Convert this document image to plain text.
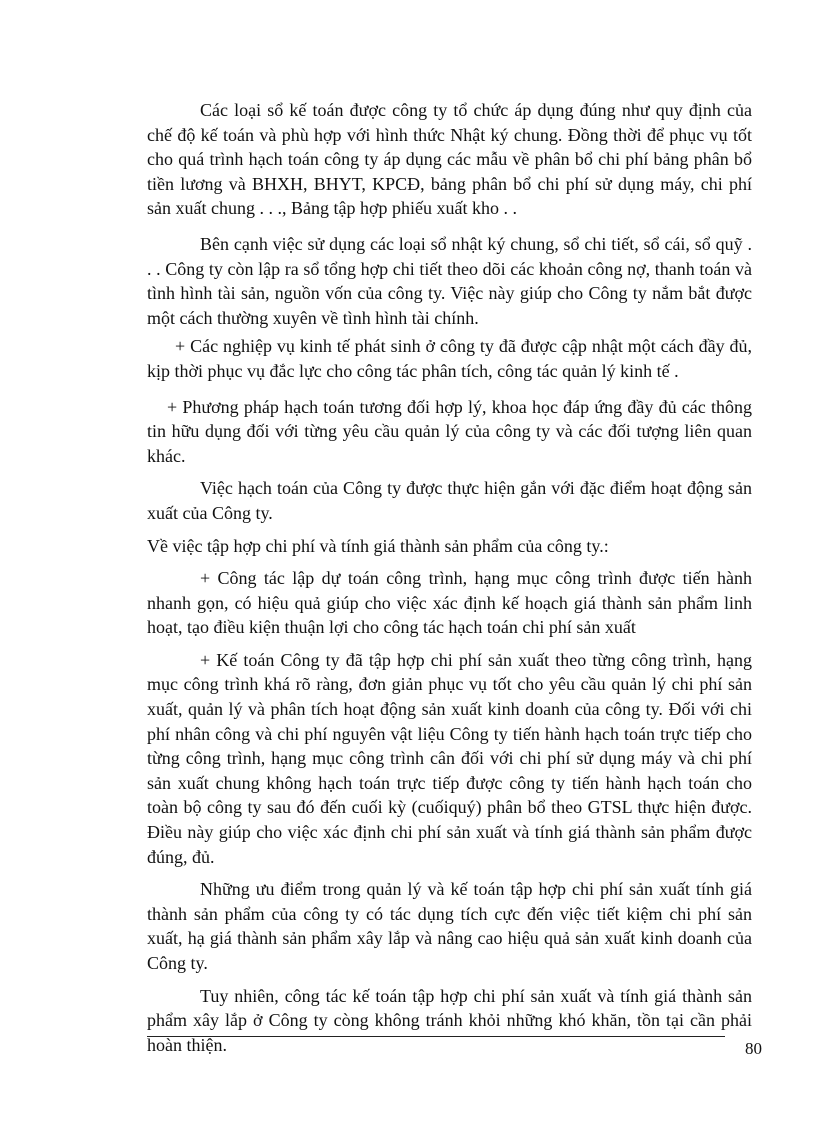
Các loại sổ kế toán được công ty tổ chức áp dụng đúng như quy định của chế độ kế toán và phù hợp với hình thức Nhật ký chung. Đồng thời để phục vụ tốt cho quá trình hạch toán công ty áp dụng các mẫu về phân bổ chi phí bảng phân bổ tiền lương và BHXH, BHYT, KPCĐ, bảng phân bổ chi phí sử dụng máy, chi phí sản xuất chung . . ., Bảng tập hợp phiếu xuất kho . .

Bên cạnh việc sử dụng các loại sổ nhật ký chung, sổ chi tiết, sổ cái, sổ quỹ . . . Công ty còn lập ra sổ tổng hợp chi tiết theo dõi các khoản công nợ, thanh toán và tình hình tài sản, nguồn vốn của công ty. Việc này giúp cho Công ty nắm bắt được một cách thường xuyên về tình hình tài chính.

+ Các nghiệp vụ kinh tế phát sinh ở công ty đã được cập nhật một cách đầy đủ, kịp thời phục vụ đắc lực cho công tác phân tích, công tác quản lý kinh tế .

+ Phương pháp hạch toán tương đối hợp lý, khoa học đáp ứng đầy đủ các thông tin hữu dụng đối với từng yêu cầu quản lý của công ty và các đối tượng liên quan khác.

Việc hạch toán của Công ty được thực hiện gắn với đặc điểm hoạt động sản xuất của Công ty.

Về việc tập hợp chi phí và tính giá thành sản phẩm của công ty.:

+ Công tác lập dự toán công trình, hạng mục công trình được tiến hành nhanh gọn, có hiệu quả giúp cho việc xác định kế hoạch giá thành sản phẩm linh hoạt, tạo điều kiện thuận lợi cho công tác hạch toán chi phí sản xuất

+ Kế toán Công ty đã tập hợp chi phí sản xuất theo từng công trình, hạng mục công trình khá rõ ràng, đơn giản phục vụ tốt cho yêu cầu quản lý chi phí sản xuất, quản lý và phân tích hoạt động sản xuất kinh doanh của công ty. Đối với chi phí nhân công và chi phí nguyên vật liệu Công ty tiến hành hạch toán trực tiếp cho từng công trình, hạng mục công trình cân đối với chi phí sử dụng máy và chi phí sản xuất chung không hạch toán trực tiếp được công ty tiến hành hạch toán cho toàn bộ công ty sau đó đến cuối kỳ (cuốiquý) phân bổ theo GTSL thực hiện được. Điều này giúp cho việc xác định chi phí sản xuất và tính giá thành sản phẩm được đúng, đủ.

Những ưu điểm trong quản lý và kế toán tập hợp chi phí sản xuất tính giá thành sản phẩm của công ty có tác dụng tích cực đến việc tiết kiệm chi phí sản xuất, hạ giá thành sản phẩm xây lắp và nâng cao hiệu quả sản xuất kinh doanh của Công ty.

Tuy nhiên, công tác kế toán tập hợp chi phí sản xuất và tính giá thành sản phẩm xây lắp ở Công ty còng không tránh khỏi những khó khăn, tồn tại cần phải hoàn thiện.	80
